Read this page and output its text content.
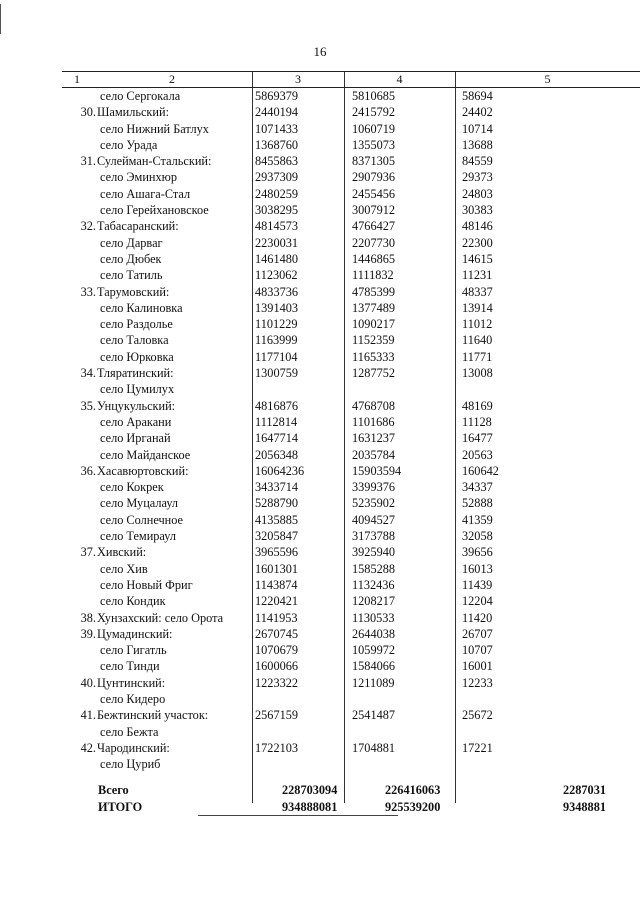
16
1	2	3	4	5
село Сергокала	5869379	5810685	58694
30. Шамильский:	2440194	2415792	24402
село Нижний Батлух	1071433	1060719	10714
село Урада	1368760	1355073	13688
31. Сулейман-Стальский:	8455863	8371305	84559
село Эминхюр	2937309	2907936	29373
село Ашага-Стал	2480259	2455456	24803
село Герейхановское	3038295	3007912	30383
32. Табасаранский:	4814573	4766427	48146
село Дарваг	2230031	2207730	22300
село Дюбек	1461480	1446865	14615
село Татиль	1123062	1111832	11231
33. Тарумовский:	4833736	4785399	48337
село Калиновка	1391403	1377489	13914
село Раздолье	1101229	1090217	11012
село Таловка	1163999	1152359	11640
село Юрковка	1177104	1165333	11771
34. Тляратинский:	1300759	1287752	13008
село Цумилух
35. Унцукульский:	4816876	4768708	48169
село Аракани	1112814	1101686	11128
село Ирганай	1647714	1631237	16477
село Майданское	2056348	2035784	20563
36. Хасавюртовский:	16064236	15903594	160642
село Кокрек	3433714	3399376	34337
село Муцалаул	5288790	5235902	52888
село Солнечное	4135885	4094527	41359
село Темираул	3205847	3173788	32058
37. Хивский:	3965596	3925940	39656
село Хив	1601301	1585288	16013
село Новый Фриг	1143874	1132436	11439
село Кондик	1220421	1208217	12204
38. Хунзахский: село Орота	1141953	1130533	11420
39. Цумадинский:	2670745	2644038	26707
село Гигатль	1070679	1059972	10707
село Тинди	1600066	1584066	16001
40. Цунтинский:	1223322	1211089	12233
село Кидеро
41. Бежтинский участок:	2567159	2541487	25672
село Бежта
42. Чародинский:	1722103	1704881	17221
село Цуриб
Всего	228703094	226416063	2287031
ИТОГО	934888081	925539200	9348881
